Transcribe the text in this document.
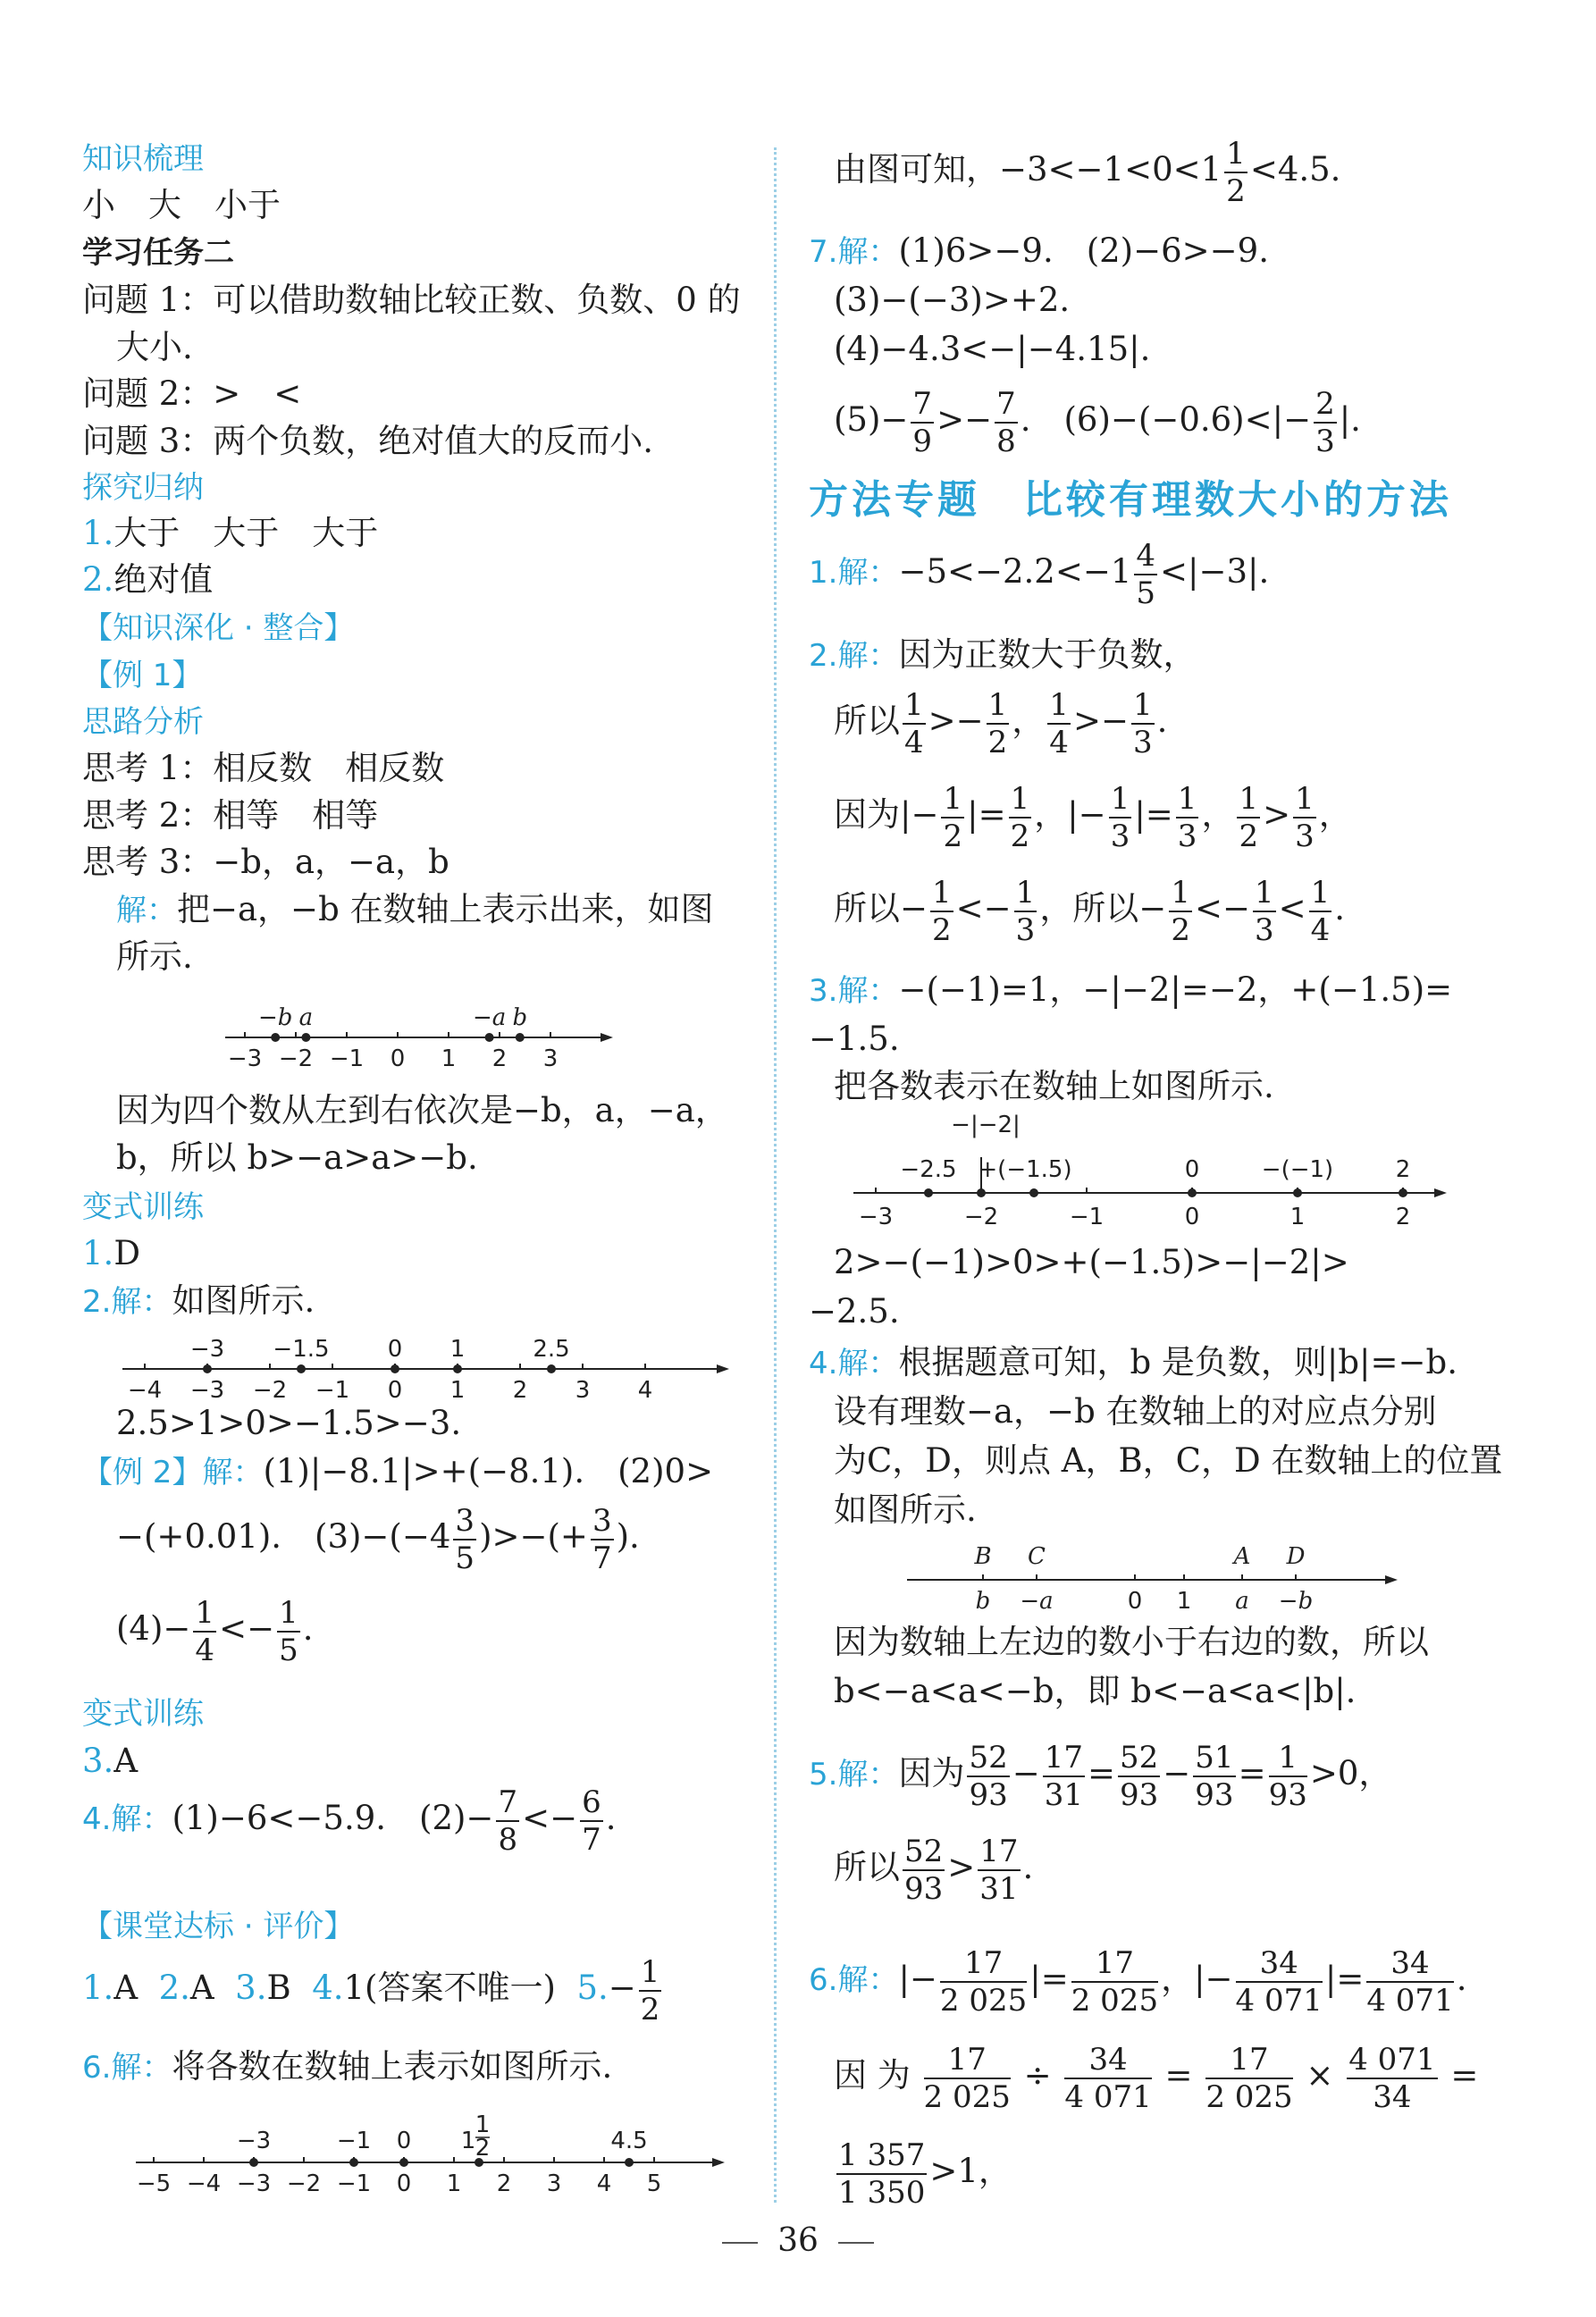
知识梳理
小　大　小于
学习任务二
问题 1：可以借助数轴比较正数、负数、0 的
大小.
问题 2：>　<
问题 3：两个负数，绝对值大的反而小.
探究归纳
1.大于　大于　大于
2.绝对值
【知识深化 · 整合】
【例 1】
思路分析
思考 1：相反数　相反数
思考 2：相等　相等
思考 3：−b，a，−a，b
解：把−a，−b 在数轴上表示出来，如图
所示.
−3 −2 −1 0 1 2 3
−b a	−a b
因为四个数从左到右依次是−b，a，−a，
b，所以 b>−a>a>−b.
变式训练
1.D
2.解：如图所示.
−4 −3 −2 −1 0 1 2 3 4
−3 −1.5	0 1	2.5
2.5>1>0>−1.5>−3.
【例 2】解：(1)|−8.1|>+(−8.1).　(2)0>
−(+0.01).　$(3)-(-4 \frac{3}{5}$ )>−(+ $\frac{3}{7}$ ).
$(4)- \frac{1}{4} <- \frac{1}{5}$ .
变式训练
3.A
4.解：(1)−6<−5.9.　$(2)- \frac{7}{8} <- \frac{6}{7}$ .
【课堂达标 · 评价】
1.A 2.A 3.B 4.1(答案不唯一) $5.- \frac{1}{2}$
6.解：将各数在数轴上表示如图所示.
−5 −4 −3 −2 −1 0 1 2 3 4 5
−3	−1 0 1
1
2	4.5
由图可知，$-3<-1<0<1 \frac{1}{2} <4.5$.
7.解：(1)6>−9.　(2)−6>−9.
(3)−(−3)>+2.
(4)−4.3<−|−4.15|.
$(5)- \frac{7}{9} >- \frac{7}{8}$ .　$(6)-(-0.6)<|- \frac{2}{3}$ |.
方法专题　比较有理数大小的方法
1.解：$-5<-2.2<-1 \frac{4}{5} <|-3|$.
2.解：因为正数大于负数，
所以 $\frac{1}{4} >- \frac{1}{2}$ ， $\frac{1}{4} >- \frac{1}{3}$ .
因为|− $\frac{1}{2}$ |= $\frac{1}{2}$ ，|− $\frac{1}{3}$ |= $\frac{1}{3}$ ， $\frac{1}{2} > \frac{1}{3}$ ，
所以− $\frac{1}{2} <- \frac{1}{3}$ ，所以− $\frac{1}{2} <- \frac{1}{3} < \frac{1}{4}$ .
3.解：−(−1)=1，−|−2|=−2，+(−1.5)=
−1.5.
把各数表示在数轴上如图所示.
−3	−2	−1	0	1	2
−|−2|
−2.5 +(−1.5)	0	−(−1)	2
2>−(−1)>0>+(−1.5)>−|−2|>
−2.5.
4.解：根据题意可知，b 是负数，则|b|=−b.
设有理数−a，−b 在数轴上的对应点分别
为C，D，则点 A，B，C，D 在数轴上的位置
如图所示.
b −a	0 1 a −b
B C	A D
因为数轴上左边的数小于右边的数，所以
b<−a<a<−b，即 b<−a<a<|b|.
5.解：因为 $\frac{52}{93} - \frac{17}{31} = \frac{52}{93} - \frac{51}{93} = \frac{1}{93} >0$，
所以 $\frac{52}{93} > \frac{17}{31}$ .
6.解：|− $\frac{17}{2 025}$ |= $\frac{17}{2 025}$ ，|− $\frac{34}{4 071}$ |= $\frac{34}{4 071}$ .
因 为 $\frac{17}{2 025} \div \frac{34}{4 071} = \frac{17}{2 025} \times \frac{4 071}{34}$ =
$\frac{1 357}{1 350} >1$，
36
